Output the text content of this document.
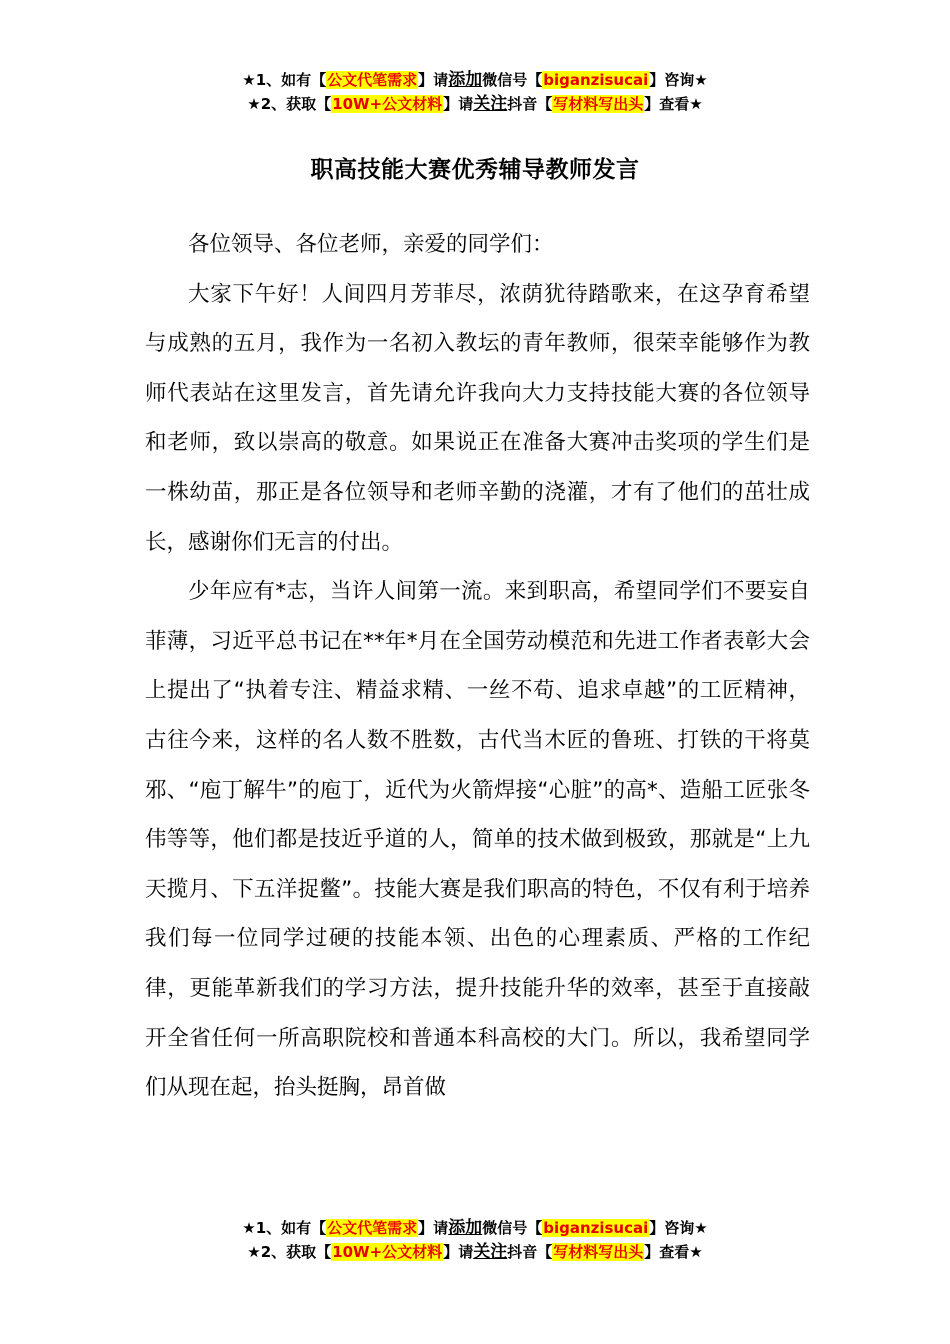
★1、如有【公文代笔需求】请添加微信号【biganzisucai】咨询★
★2、获取【10W+公文材料】请关注抖音【写材料写出头】查看★
职高技能大赛优秀辅导教师发言

各位领导、各位老师，亲爱的同学们：

大家下午好！人间四月芳菲尽，浓荫犹待踏歌来，在这孕育希望与成熟的五月，我作为一名初入教坛的青年教师，很荣幸能够作为教师代表站在这里发言，首先请允许我向大力支持技能大赛的各位领导和老师，致以崇高的敬意。如果说正在准备大赛冲击奖项的学生们是一株幼苗，那正是各位领导和老师辛勤的浇灌，才有了他们的茁壮成长，感谢你们无言的付出。

少年应有*志，当许人间第一流。来到职高，希望同学们不要妄自菲薄，习近平总书记在**年*月在全国劳动模范和先进工作者表彰大会上提出了“执着专注、精益求精、一丝不苟、追求卓越”的工匠精神，古往今来，这样的名人数不胜数，古代当木匠的鲁班、打铁的干将莫邪、“庖丁解牛”的庖丁，近代为火箭焊接“心脏”的高*、造船工匠张冬伟等等，他们都是技近乎道的人，简单的技术做到极致，那就是“上九天揽月、下五洋捉鳖”。技能大赛是我们职高的特色，不仅有利于培养我们每一位同学过硬的技能本领、出色的心理素质、严格的工作纪律，更能革新我们的学习方法，提升技能升华的效率，甚至于直接敲开全省任何一所高职院校和普通本科高校的大门。所以，我希望同学们从现在起，抬头挺胸，昂首做

★1、如有【公文代笔需求】请添加微信号【biganzisucai】咨询★
★2、获取【10W+公文材料】请关注抖音【写材料写出头】查看★
